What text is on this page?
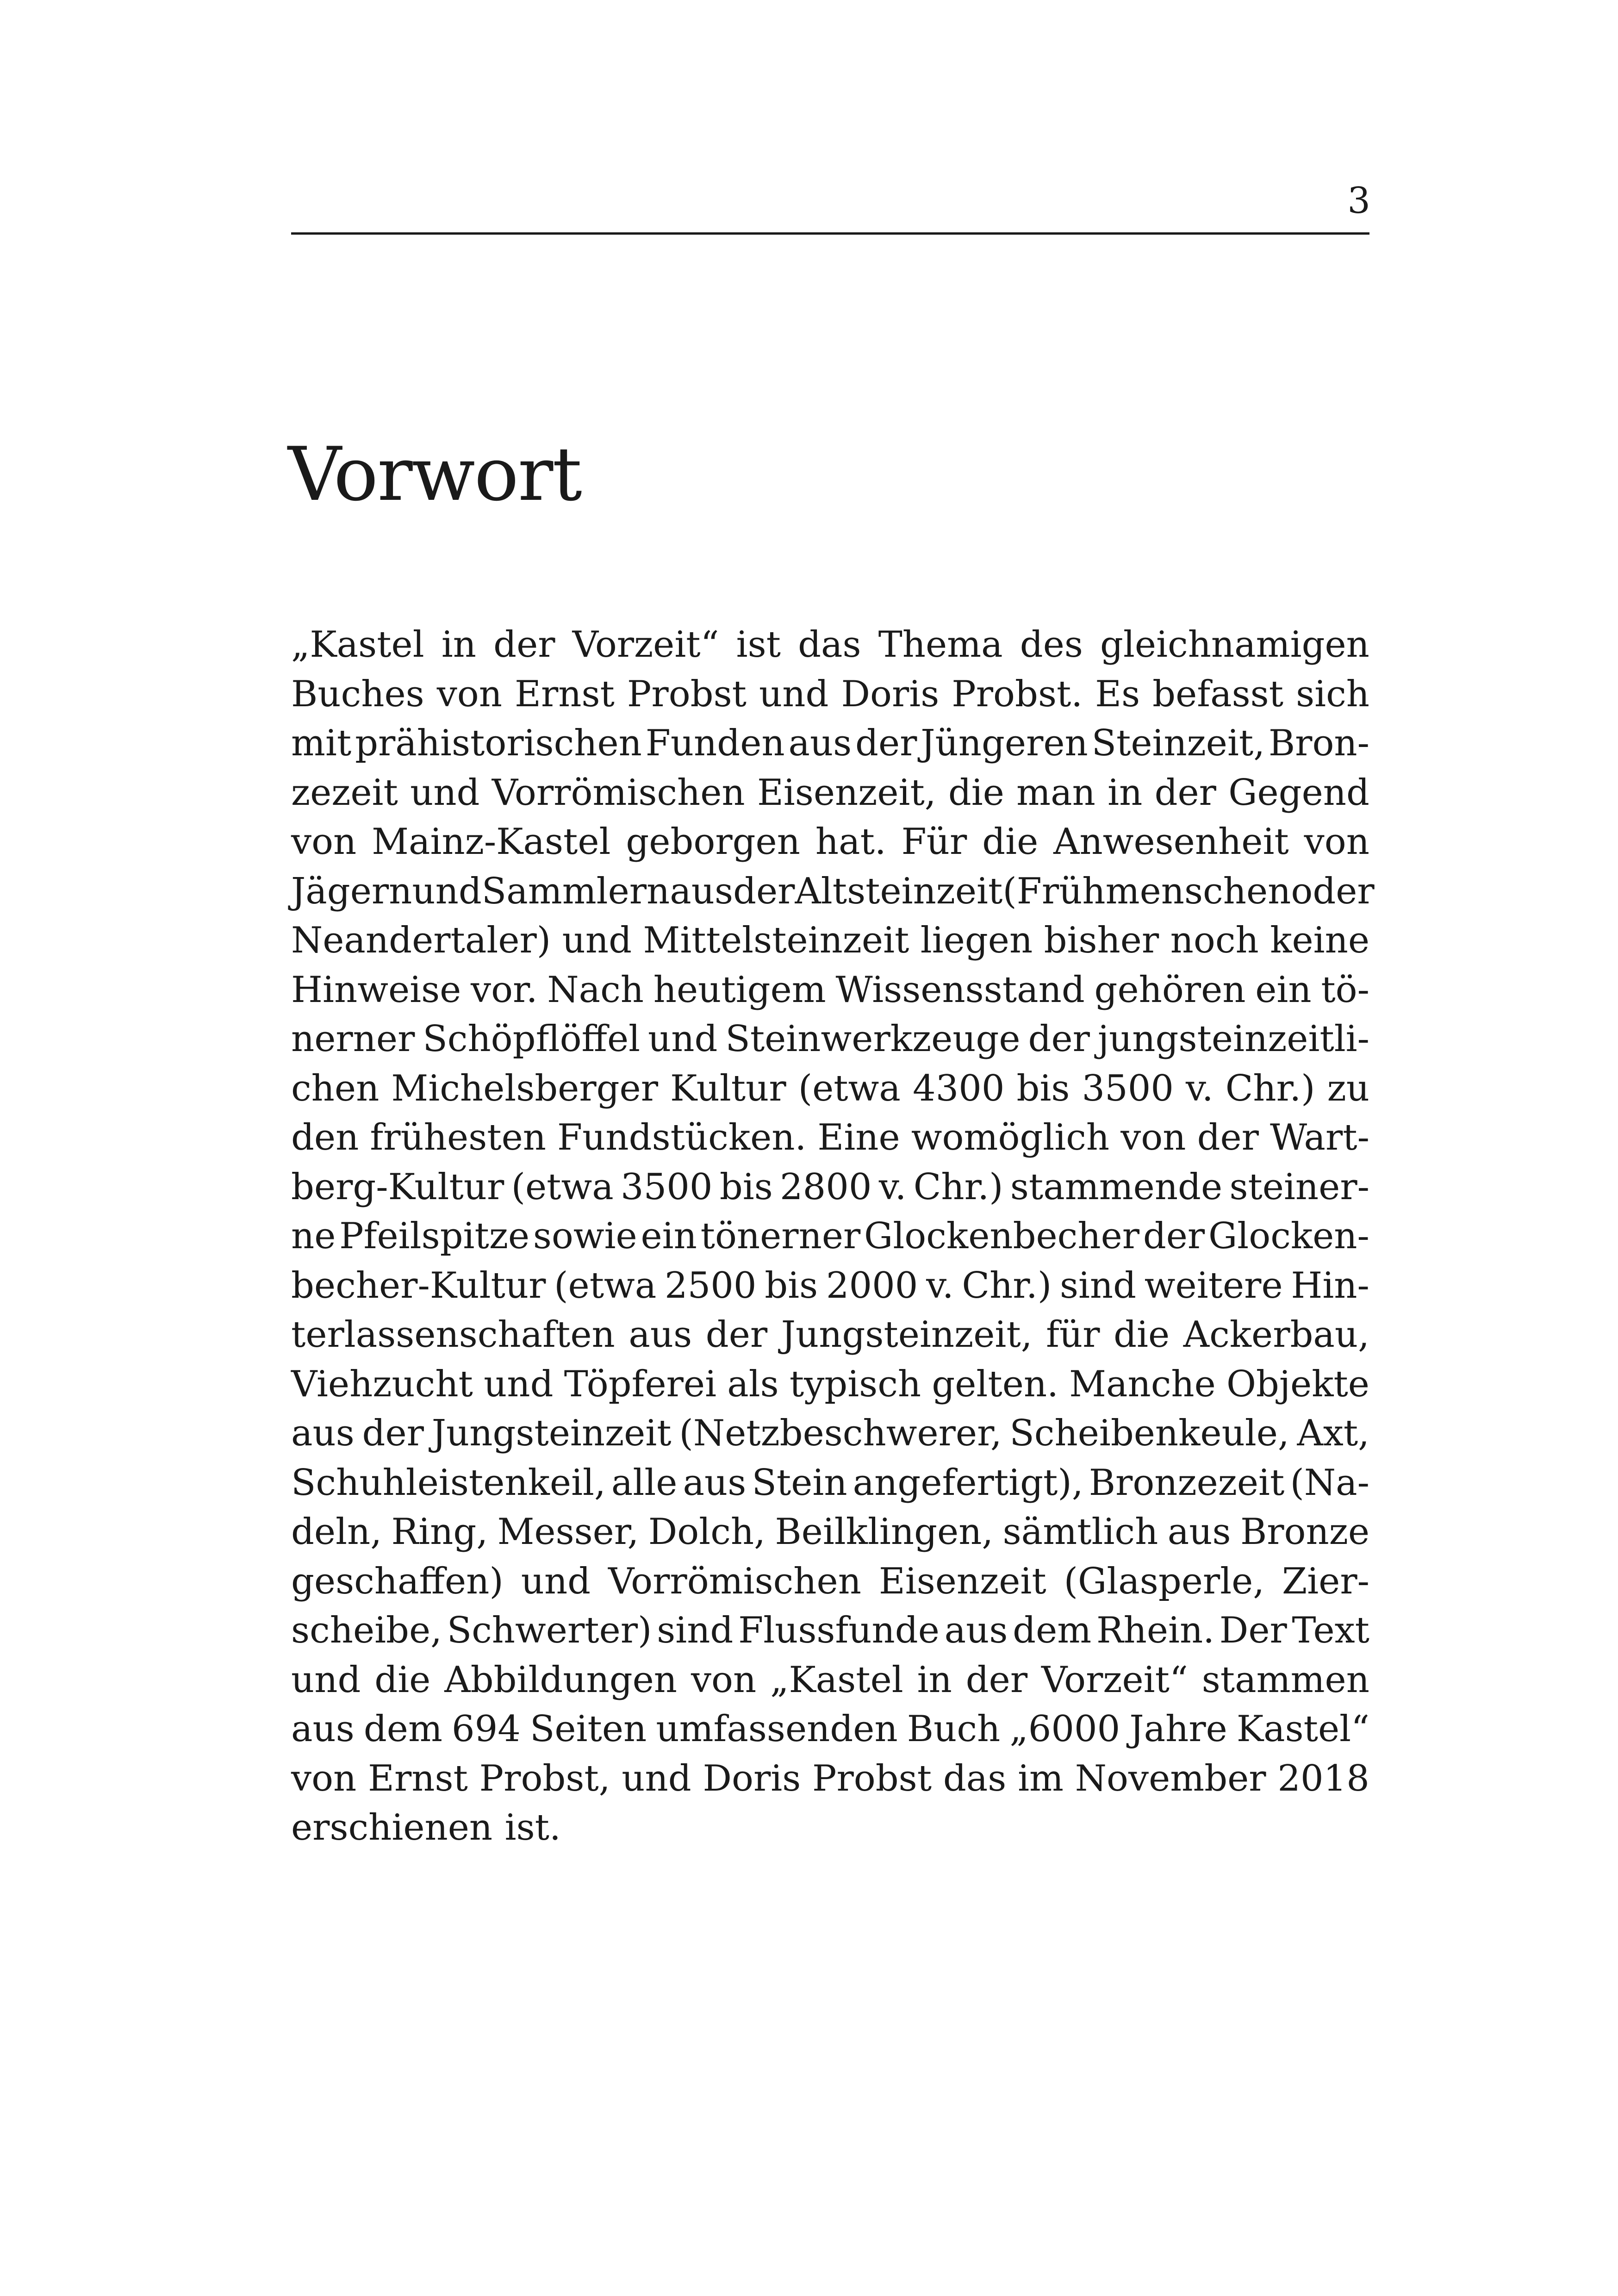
3
Vorwort
„Kastel in der Vorzeit“ ist das Thema des gleichnamigen
Buches von Ernst Probst und Doris Probst. Es befasst sich
mit prähistorischen Funden aus der Jüngeren Steinzeit, Bron-
zezeit und Vorrömischen Eisenzeit, die man in der Gegend
von Mainz-Kastel geborgen hat. Für die Anwesenheit von
Jägern und Sammlern aus der Altsteinzeit (Frühmenschen oder
Neandertaler) und Mittelsteinzeit liegen bisher noch keine
Hinweise vor. Nach heutigem Wissensstand gehören ein tö-
nerner Schöpflöffel und Steinwerkzeuge der jungsteinzeitli-
chen Michelsberger Kultur (etwa 4300 bis 3500 v. Chr.) zu
den frühesten Fundstücken. Eine womöglich von der Wart-
berg-Kultur (etwa 3500 bis 2800 v. Chr.) stammende steiner-
ne Pfeilspitze sowie ein tönerner Glockenbecher der Glocken-
becher-Kultur (etwa 2500 bis 2000 v. Chr.) sind weitere Hin-
terlassenschaften aus der Jungsteinzeit, für die Ackerbau,
Viehzucht und Töpferei als typisch gelten. Manche Objekte
aus der Jungsteinzeit (Netzbeschwerer, Scheibenkeule, Axt,
Schuhleistenkeil, alle aus Stein angefertigt), Bronzezeit (Na-
deln, Ring, Messer, Dolch, Beilklingen, sämtlich aus Bronze
geschaffen) und Vorrömischen Eisenzeit (Glasperle, Zier-
scheibe, Schwerter) sind Flussfunde aus dem Rhein. Der Text
und die Abbildungen von „Kastel in der Vorzeit“ stammen
aus dem 694 Seiten umfassenden Buch „6000 Jahre Kastel“
von Ernst Probst, und Doris Probst das im November 2018
erschienen ist.
